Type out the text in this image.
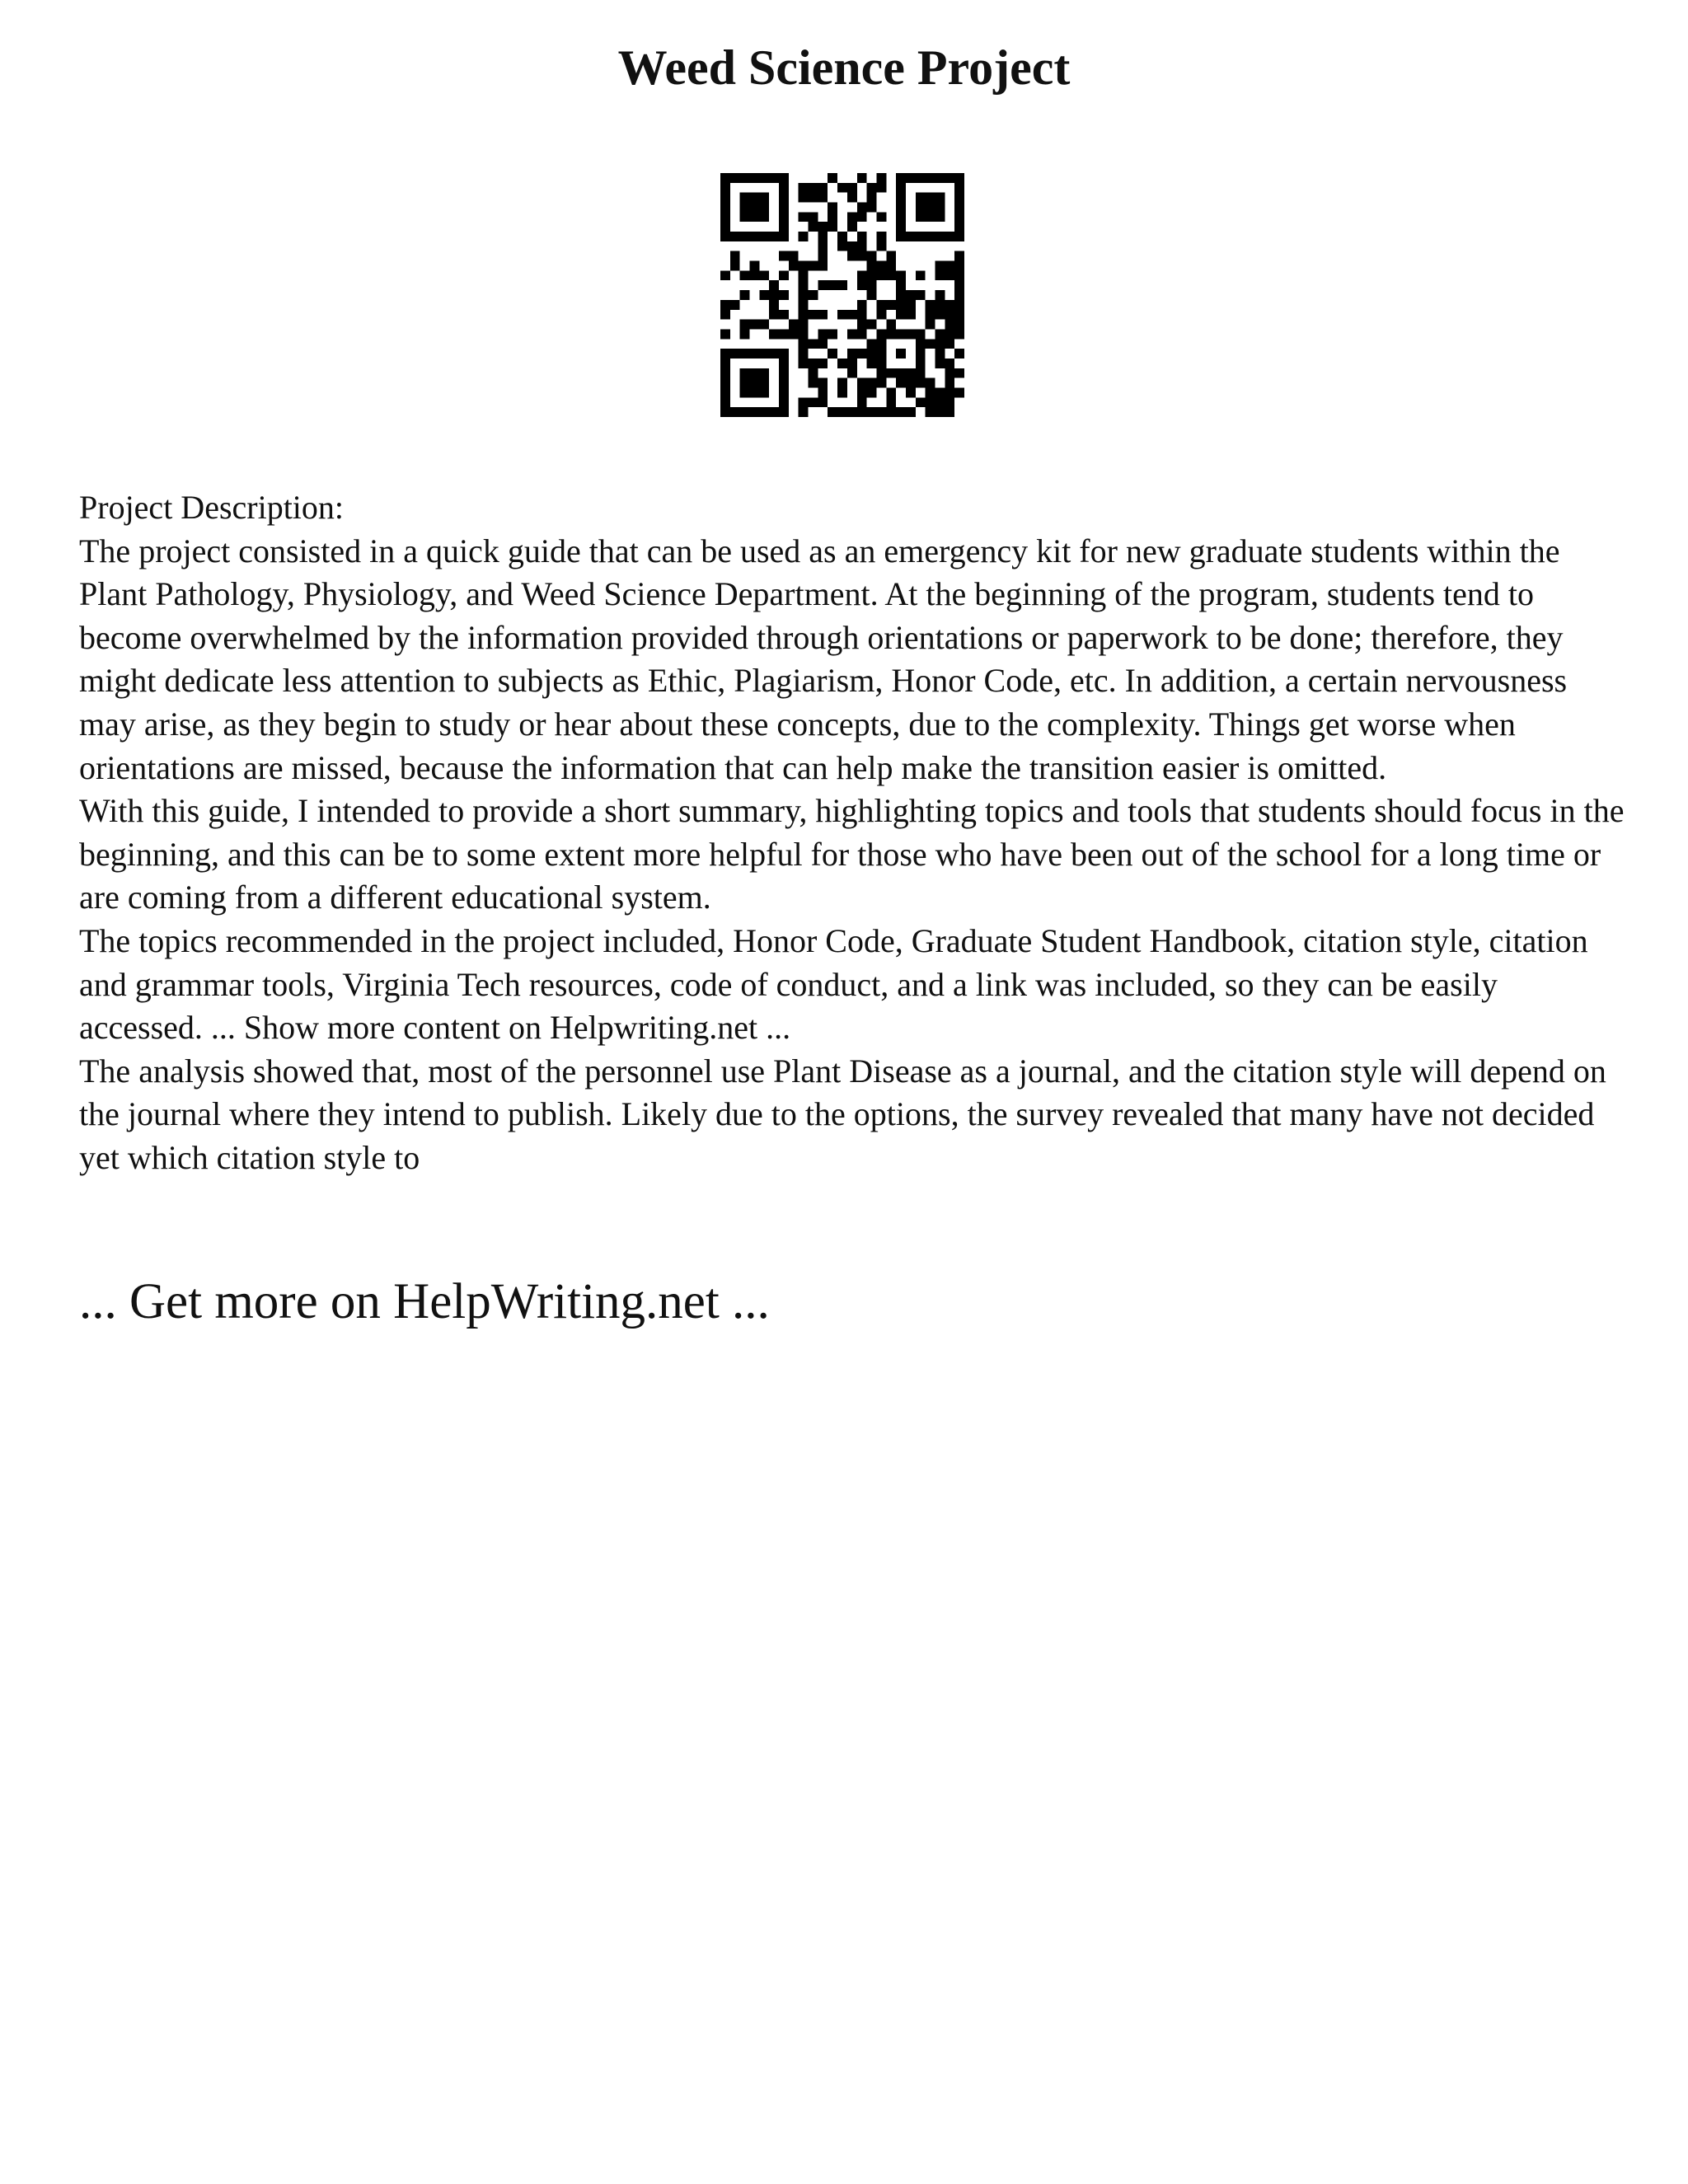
Weed Science Project

Project Description:

The project consisted in a quick guide that can be used as an emergency kit for new graduate students within the Plant Pathology, Physiology, and Weed Science Department. At the beginning of the program, students tend to become overwhelmed by the information provided through orientations or paperwork to be done; therefore, they might dedicate less attention to subjects as Ethic, Plagiarism, Honor Code, etc. In addition, a certain nervousness may arise, as they begin to study or hear about these concepts, due to the complexity. Things get worse when orientations are missed, because the information that can help make the transition easier is omitted.

With this guide, I intended to provide a short summary, highlighting topics and tools that students should focus in the beginning, and this can be to some extent more helpful for those who have been out of the school for a long time or are coming from a different educational system.

The topics recommended in the project included, Honor Code, Graduate Student Handbook, citation style, citation and grammar tools, Virginia Tech resources, code of conduct, and a link was included, so they can be easily accessed. ... Show more content on Helpwriting.net ...

The analysis showed that, most of the personnel use Plant Disease as a journal, and the citation style will depend on the journal where they intend to publish. Likely due to the options, the survey revealed that many have not decided yet which citation style to

... Get more on HelpWriting.net ...
